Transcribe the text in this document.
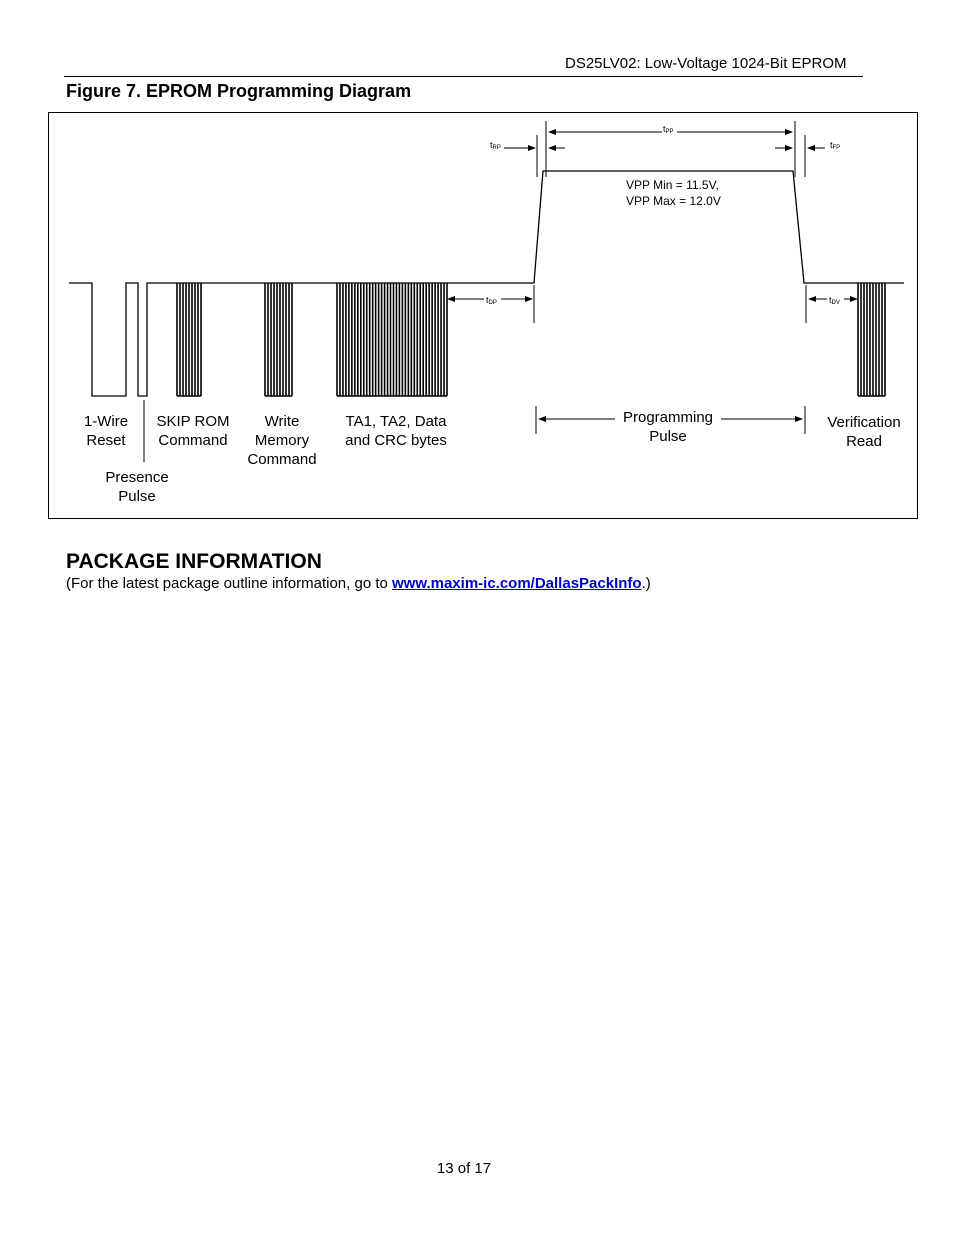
DS25LV02: Low-Voltage 1024-Bit EPROM
Figure 7. EPROM Programming Diagram
$t_{RP}$
$t_{PP}$
$t_{FP}$
$t_{DP}$	$t_{DV}$
VPP Min = 11.5V,
VPP Max = 12.0V
1-Wire
Reset
Presence
Pulse
SKIP ROM
Command
Write
Memory
Command
TA1, TA2, Data
and CRC bytes
Programming
Pulse
Verification
Read
PACKAGE INFORMATION
(For the latest package outline information, go to www.maxim-ic.com/DallasPackInfo.)
13 of 17
